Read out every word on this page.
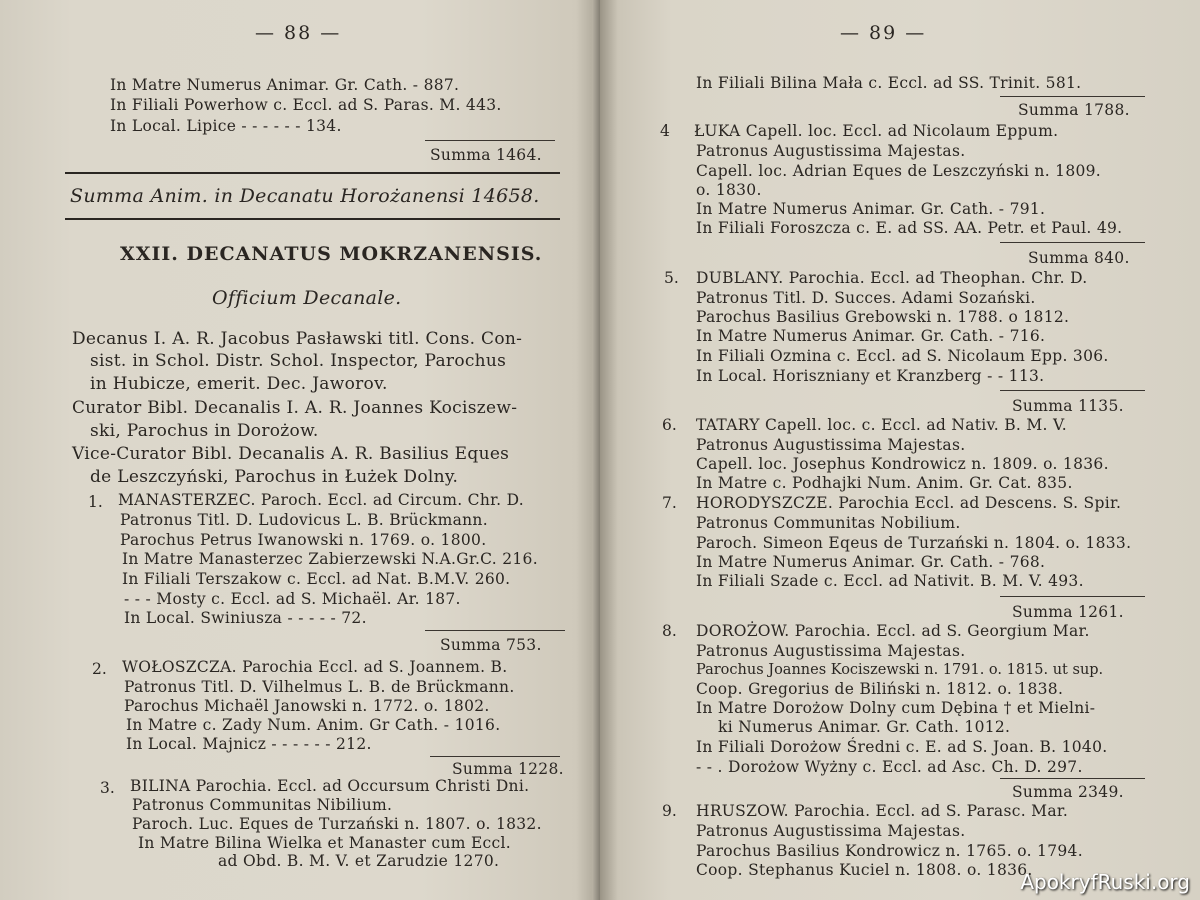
— 88 —
In Matre Numerus Animar. Gr. Cath. - 887.
In Filiali Powerhow c. Eccl. ad S. Paras. M. 443.
In Local. Lipice - - - - - - 134.
Summa 1464.
Summa Anim. in Decanatu Horożanensi 14658.
XXII. DECANATUS MOKRZANENSIS.
Officium Decanale.
Decanus I. A. R. Jacobus Pasławski titl. Cons. Con-
sist. in Schol. Distr. Schol. Inspector, Parochus
in Hubicze, emerit. Dec. Jaworov.
Curator Bibl. Decanalis I. A. R. Joannes Kociszew-
ski, Parochus in Dorożow.
Vice-Curator Bibl. Decanalis A. R. Basilius Eques
de Leszczyński, Parochus in Łużek Dolny.
1. MANASTERZEC. Paroch. Eccl. ad Circum. Chr. D.
Patronus Titl. D. Ludovicus L. B. Brückmann.
Parochus Petrus Iwanowski n. 1769. o. 1800.
In Matre Manasterzec Zabierzewski N.A.Gr.C. 216.
In Filiali Terszakow c. Eccl. ad Nat. B.M.V. 260.
- - - Mosty c. Eccl. ad S. Michaël. Ar. 187.
In Local. Swiniusza - - - - - 72.
Summa 753.
2. WOŁOSZCZA. Parochia Eccl. ad S. Joannem. B.
Patronus Titl. D. Vilhelmus L. B. de Brückmann.
Parochus Michaël Janowski n. 1772. o. 1802.
In Matre c. Zady Num. Anim. Gr Cath. - 1016.
In Local. Majnicz - - - - - - 212.
Summa 1228.
3. BILINA Parochia. Eccl. ad Occursum Christi Dni.
Patronus Communitas Nibilium.
Paroch. Luc. Eques de Turzański n. 1807. o. 1832.
In Matre Bilina Wielka et Manaster cum Eccl.
ad Obd. B. M. V. et Zarudzie 1270.
— 89 —
In Filiali Bilina Mała c. Eccl. ad SS. Trinit. 581.
Summa 1788.
4 ŁUKA Capell. loc. Eccl. ad Nicolaum Eppum.
Patronus Augustissima Majestas.
Capell. loc. Adrian Eques de Leszczyński n. 1809.
o. 1830.
In Matre Numerus Animar. Gr. Cath. - 791.
In Filiali Foroszcza c. E. ad SS. AA. Petr. et Paul. 49.
Summa 840.
5. DUBLANY. Parochia. Eccl. ad Theophan. Chr. D.
Patronus Titl. D. Succes. Adami Sozański.
Parochus Basilius Grebowski n. 1788. o 1812.
In Matre Numerus Animar. Gr. Cath. - 716.
In Filiali Ozmina c. Eccl. ad S. Nicolaum Epp. 306.
In Local. Horiszniany et Kranzberg - - 113.
Summa 1135.
6. TATARY Capell. loc. c. Eccl. ad Nativ. B. M. V.
Patronus Augustissima Majestas.
Capell. loc. Josephus Kondrowicz n. 1809. o. 1836.
In Matre c. Podhajki Num. Anim. Gr. Cat. 835.
7. HORODYSZCZE. Parochia Eccl. ad Descens. S. Spir.
Patronus Communitas Nobilium.
Paroch. Simeon Eqeus de Turzański n. 1804. o. 1833.
In Matre Numerus Animar. Gr. Cath. - 768.
In Filiali Szade c. Eccl. ad Nativit. B. M. V. 493.
Summa 1261.
8. DOROŻOW. Parochia. Eccl. ad S. Georgium Mar.
Patronus Augustissima Majestas.
Parochus Joannes Kociszewski n. 1791. o. 1815. ut sup.
Coop. Gregorius de Biliński n. 1812. o. 1838.
In Matre Dorożow Dolny cum Dębina † et Mielni-
ki Numerus Animar. Gr. Cath. 1012.
In Filiali Dorożow Średni c. E. ad S. Joan. B. 1040.
- - . Dorożow Wyżny c. Eccl. ad Asc. Ch. D. 297.
Summa 2349.
9. HRUSZOW. Parochia. Eccl. ad S. Parasc. Mar.
Patronus Augustissima Majestas.
Parochus Basilius Kondrowicz n. 1765. o. 1794.
Coop. Stephanus Kuciel n. 1808. o. 1836.
ApokryfRuski.org
